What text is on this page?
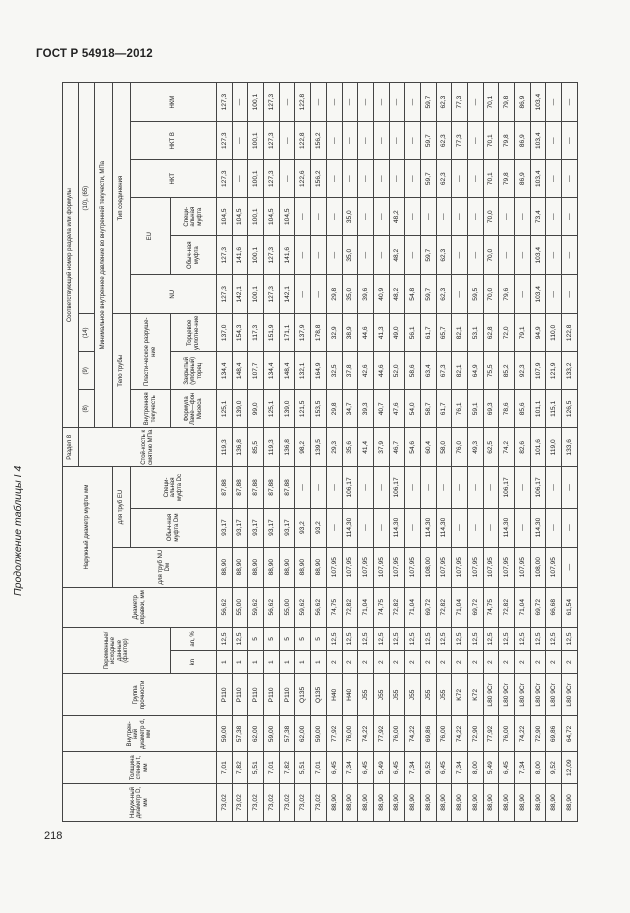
ГОСТ Р 54918—2012
Продолжение таблицы I 4
218
Наруж-ный диаметр D, мм	Толщина стенки t, мм	Внутрен-ний диаметр d, мм	Группа прочности	Переменные/ исходные данные (фактор)		Диаметр оправки, мм	Наружный диаметр муфты мм			Раздел 8	Соответствующий номер раздела или формулы								
										Стой-кость к смятию МПа	(8)	(9)	(14)	(10), (65)					
											Минимальное внутреннее давление во внутренней текучести, МПа								
							для труб NU Dм	для труб EU			Тело трубы			Тип соединения					
								Обыч-ная муфта Dм	Специ-альная муфта Dс		Внутренняя текучесть	Пласти-ческое разруше-ние		NU	EU		НКТ	НКТ В	НКМ
				kn	an, %						Формула Ламе—фон Мизеса	Закрытый (упорный) торец	Торцевое уплотне-ние		Обыч-ная муфта	Специ-альная муфта			
73,02	7,01	59,00	Р110	1	12,5	56,62	88,90	93,17	87,88	119,3	125,1	134,4	137,0	127,3	127,3	104,5	127,3	127,3	127,3
73,02	7,82	57,38	Р110	1	12,5	55,00	88,90	93,17	87,88	136,8	139,0	148,4	154,3	142,1	141,6	104,5	—	—	—
73,02	5,51	62,00	Р110	1	5	59,62	88,90	93,17	87,88	85,5	99,0	107,7	117,3	100,1	100,1	100,1	100,1	100,1	100,1
73,02	7,01	59,00	Р110	1	5	56,62	88,90	93,17	87,88	119,3	125,1	134,4	151,9	127,3	127,3	104,5	127,3	127,3	127,3
73,02	7,82	57,38	Р110	1	5	55,00	88,90	93,17	87,88	136,8	139,0	148,4	171,1	142,1	141,6	104,5	—	—	—
73,02	5,51	62,00	Q135	1	5	59,62	88,90	93,2	—	98,2	121,5	132,1	137,9	—	—	—	122,6	122,8	122,8
73,02	7,01	59,00	Q135	1	5	56,62	88,90	93,2	—	139,5	153,5	164,9	178,8	—	—	—	156,2	156,2	—
88,90	6,45	77,92	Н40	2	12,5	74,75	107,95	—	—	29,3	29,8	32,5	32,9	29,8	—	—	—	—	—
88,90	7,34	76,00	Н40	2	12,5	72,82	107,95	114,30	106,17	35,6	34,7	37,8	38,9	35,0	35,0	35,0	—	—	—
88,90	6,45	74,22	J55	2	12,5	71,04	107,95	—	—	41,4	39,3	42,6	44,6	39,6	—	—	—	—	—
88,90	5,49	77,92	J55	2	12,5	74,75	107,95	—	—	37,9	40,7	44,6	41,3	40,9	—	—	—	—	—
88,90	6,45	76,00	J55	2	12,5	72,82	107,95	114,30	106,17	46,7	47,6	52,0	49,0	48,2	48,2	48,2	—	—	—
88,90	7,34	74,22	J55	2	12,5	71,04	107,95	—	—	54,6	54,0	58,6	56,1	54,8	—	—	—	—	—
88,90	9,52	69,86	J55	2	12,5	69,72	108,00	114,30	—	60,4	58,7	63,4	61,7	59,7	59,7	—	59,7	59,7	59,7
88,90	6,45	76,00	J55	2	12,5	72,82	107,95	114,30	—	58,0	61,7	67,3	65,7	62,3	62,3	—	62,3	62,3	62,3
88,90	7,34	74,22	K72	2	12,5	71,04	107,95	—	—	76,0	76,1	82,1	82,1	—	—	—	—	77,3	77,3
88,90	8,00	72,90	K72	2	12,5	69,72	107,95	—	—	49,3	59,1	64,9	53,1	59,5	—	—	—	—	—
88,90	5,49	77,92	L80 9Cr	2	12,5	74,75	107,95	—	—	62,5	69,3	75,5	62,8	70,0	70,0	70,0	70,1	70,1	70,1
88,90	6,45	76,00	L80 9Cr	2	12,5	72,82	107,95	114,30	106,17	74,2	78,6	85,2	72,0	79,6	—	—	79,8	79,8	79,8
88,90	7,34	74,22	L80 9Cr	2	12,5	71,04	107,95	—	—	82,6	85,6	92,3	79,1	—	—	—	86,9	86,9	86,9
88,90	8,00	72,90	L80 9Cr	2	12,5	69,72	108,00	114,30	106,17	101,6	101,1	107,9	94,9	103,4	103,4	73,4	103,4	103,4	103,4
88,90	9,52	69,86	L80 9Cr	2	12,5	66,68	107,95	—	—	119,0	115,1	121,9	110,0	—	—	—	—	—	—
88,90	12,09	64,72	L80 9Cr	2	12,5	61,54	—	—	—	133,6	126,5	133,2	122,8	—	—	—	—	—	—
